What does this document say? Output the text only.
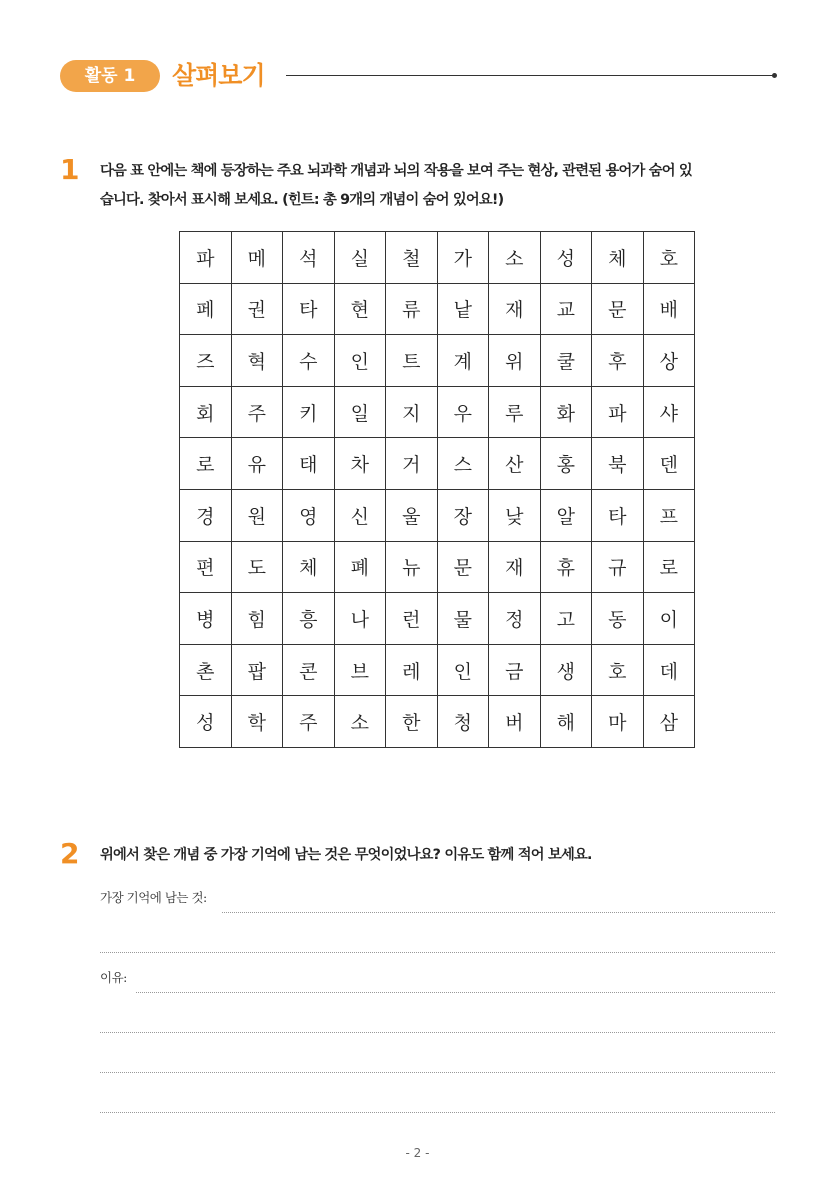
활동 1	살펴보기
1	다음 표 안에는 책에 등장하는 주요 뇌과학 개념과 뇌의 작용을 보여 주는 현상, 관련된 용어가 숨어 있
습니다. 찾아서 표시해 보세요. (힌트: 총 9개의 개념이 숨어 있어요!)
파	메	석	실	철	가	소	성	체	호
페	권	타	현	류	낱	재	교	문	배
즈	혁	수	인	트	계	위	쿨	후	상
회	주	키	일	지	우	루	화	파	샤
로	유	태	차	거	스	산	홍	북	덴
경	원	영	신	울	장	낮	알	타	프
편	도	체	폐	뉴	문	재	휴	규	로
병	힘	흥	나	런	물	정	고	동	이
촌	팝	콘	브	레	인	금	생	호	데
성	학	주	소	한	청	버	해	마	삼
2	위에서 찾은 개념 중 가장 기억에 남는 것은 무엇이었나요? 이유도 함께 적어 보세요.
가장 기억에 남는 것:
이유:
- 2 -
